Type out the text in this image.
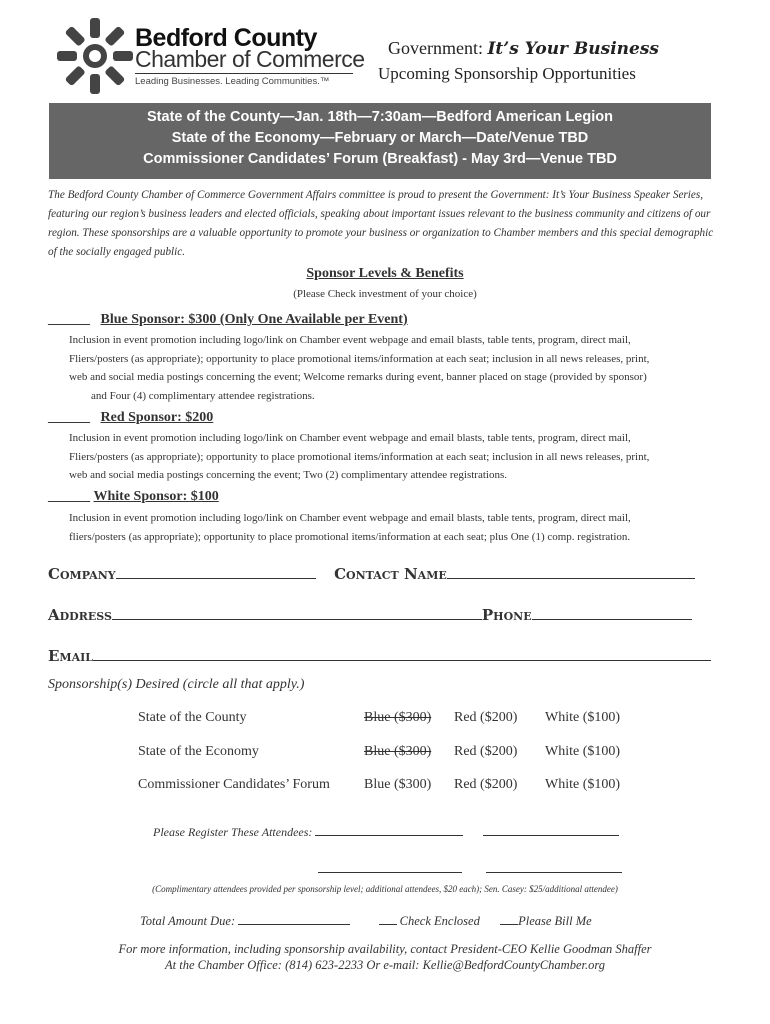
Bedford County
Chamber of Commerce
Leading Businesses. Leading Communities.™
Government: It’s Your Business
Upcoming Sponsorship Opportunities
State of the County—Jan. 18th—7:30am—Bedford American Legion
State of the Economy—February or March—Date/Venue TBD
Commissioner Candidates’ Forum (Breakfast) - May 3rd—Venue TBD
The Bedford County Chamber of Commerce Government Affairs committee is proud to present the Government: It’s Your Business Speaker Series, featuring our region’s business leaders and elected officials, speaking about important issues relevant to the business community and citizens of our region. These sponsorships are a valuable opportunity to promote your business or organization to Chamber members and this special demographic of the socially engaged public.
Sponsor Levels & Benefits
(Please Check investment of your choice)
______ Blue Sponsor: $300 (Only One Available per Event)
Inclusion in event promotion including logo/link on Chamber event webpage and email blasts, table tents, program, direct mail,
Fliers/posters (as appropriate); opportunity to place promotional items/information at each seat; inclusion in all news releases, print,
web and social media postings concerning the event; Welcome remarks during event, banner placed on stage (provided by sponsor)
and Four (4) complimentary attendee registrations.
______ Red Sponsor: $200
Inclusion in event promotion including logo/link on Chamber event webpage and email blasts, table tents, program, direct mail,
Fliers/posters (as appropriate); opportunity to place promotional items/information at each seat; inclusion in all news releases, print,
web and social media postings concerning the event; Two (2) complimentary attendee registrations.
______ White Sponsor: $100
Inclusion in event promotion including logo/link on Chamber event webpage and email blasts, table tents, program, direct mail,
fliers/posters (as appropriate); opportunity to place promotional items/information at each seat; plus One (1) comp. registration.
Company	Contact Name
Address	Phone
Email
Sponsorship(s) Desired (circle all that apply.)
State of the County	Blue ($300) Red ($200) White ($100)
State of the Economy	Blue ($300) Red ($200) White ($100)
Commissioner Candidates’ Forum Blue ($300) Red ($200) White ($100)
Please Register These Attendees:

(Complimentary attendees provided per sponsorship level; additional attendees, $20 each); Sen. Casey: $25/additional attendee)
Total Amount Due:	Check Enclosed	Please Bill Me
For more information, including sponsorship availability, contact President-CEO Kellie Goodman Shaffer
At the Chamber Office: (814) 623-2233 Or e-mail: Kellie@BedfordCountyChamber.org
